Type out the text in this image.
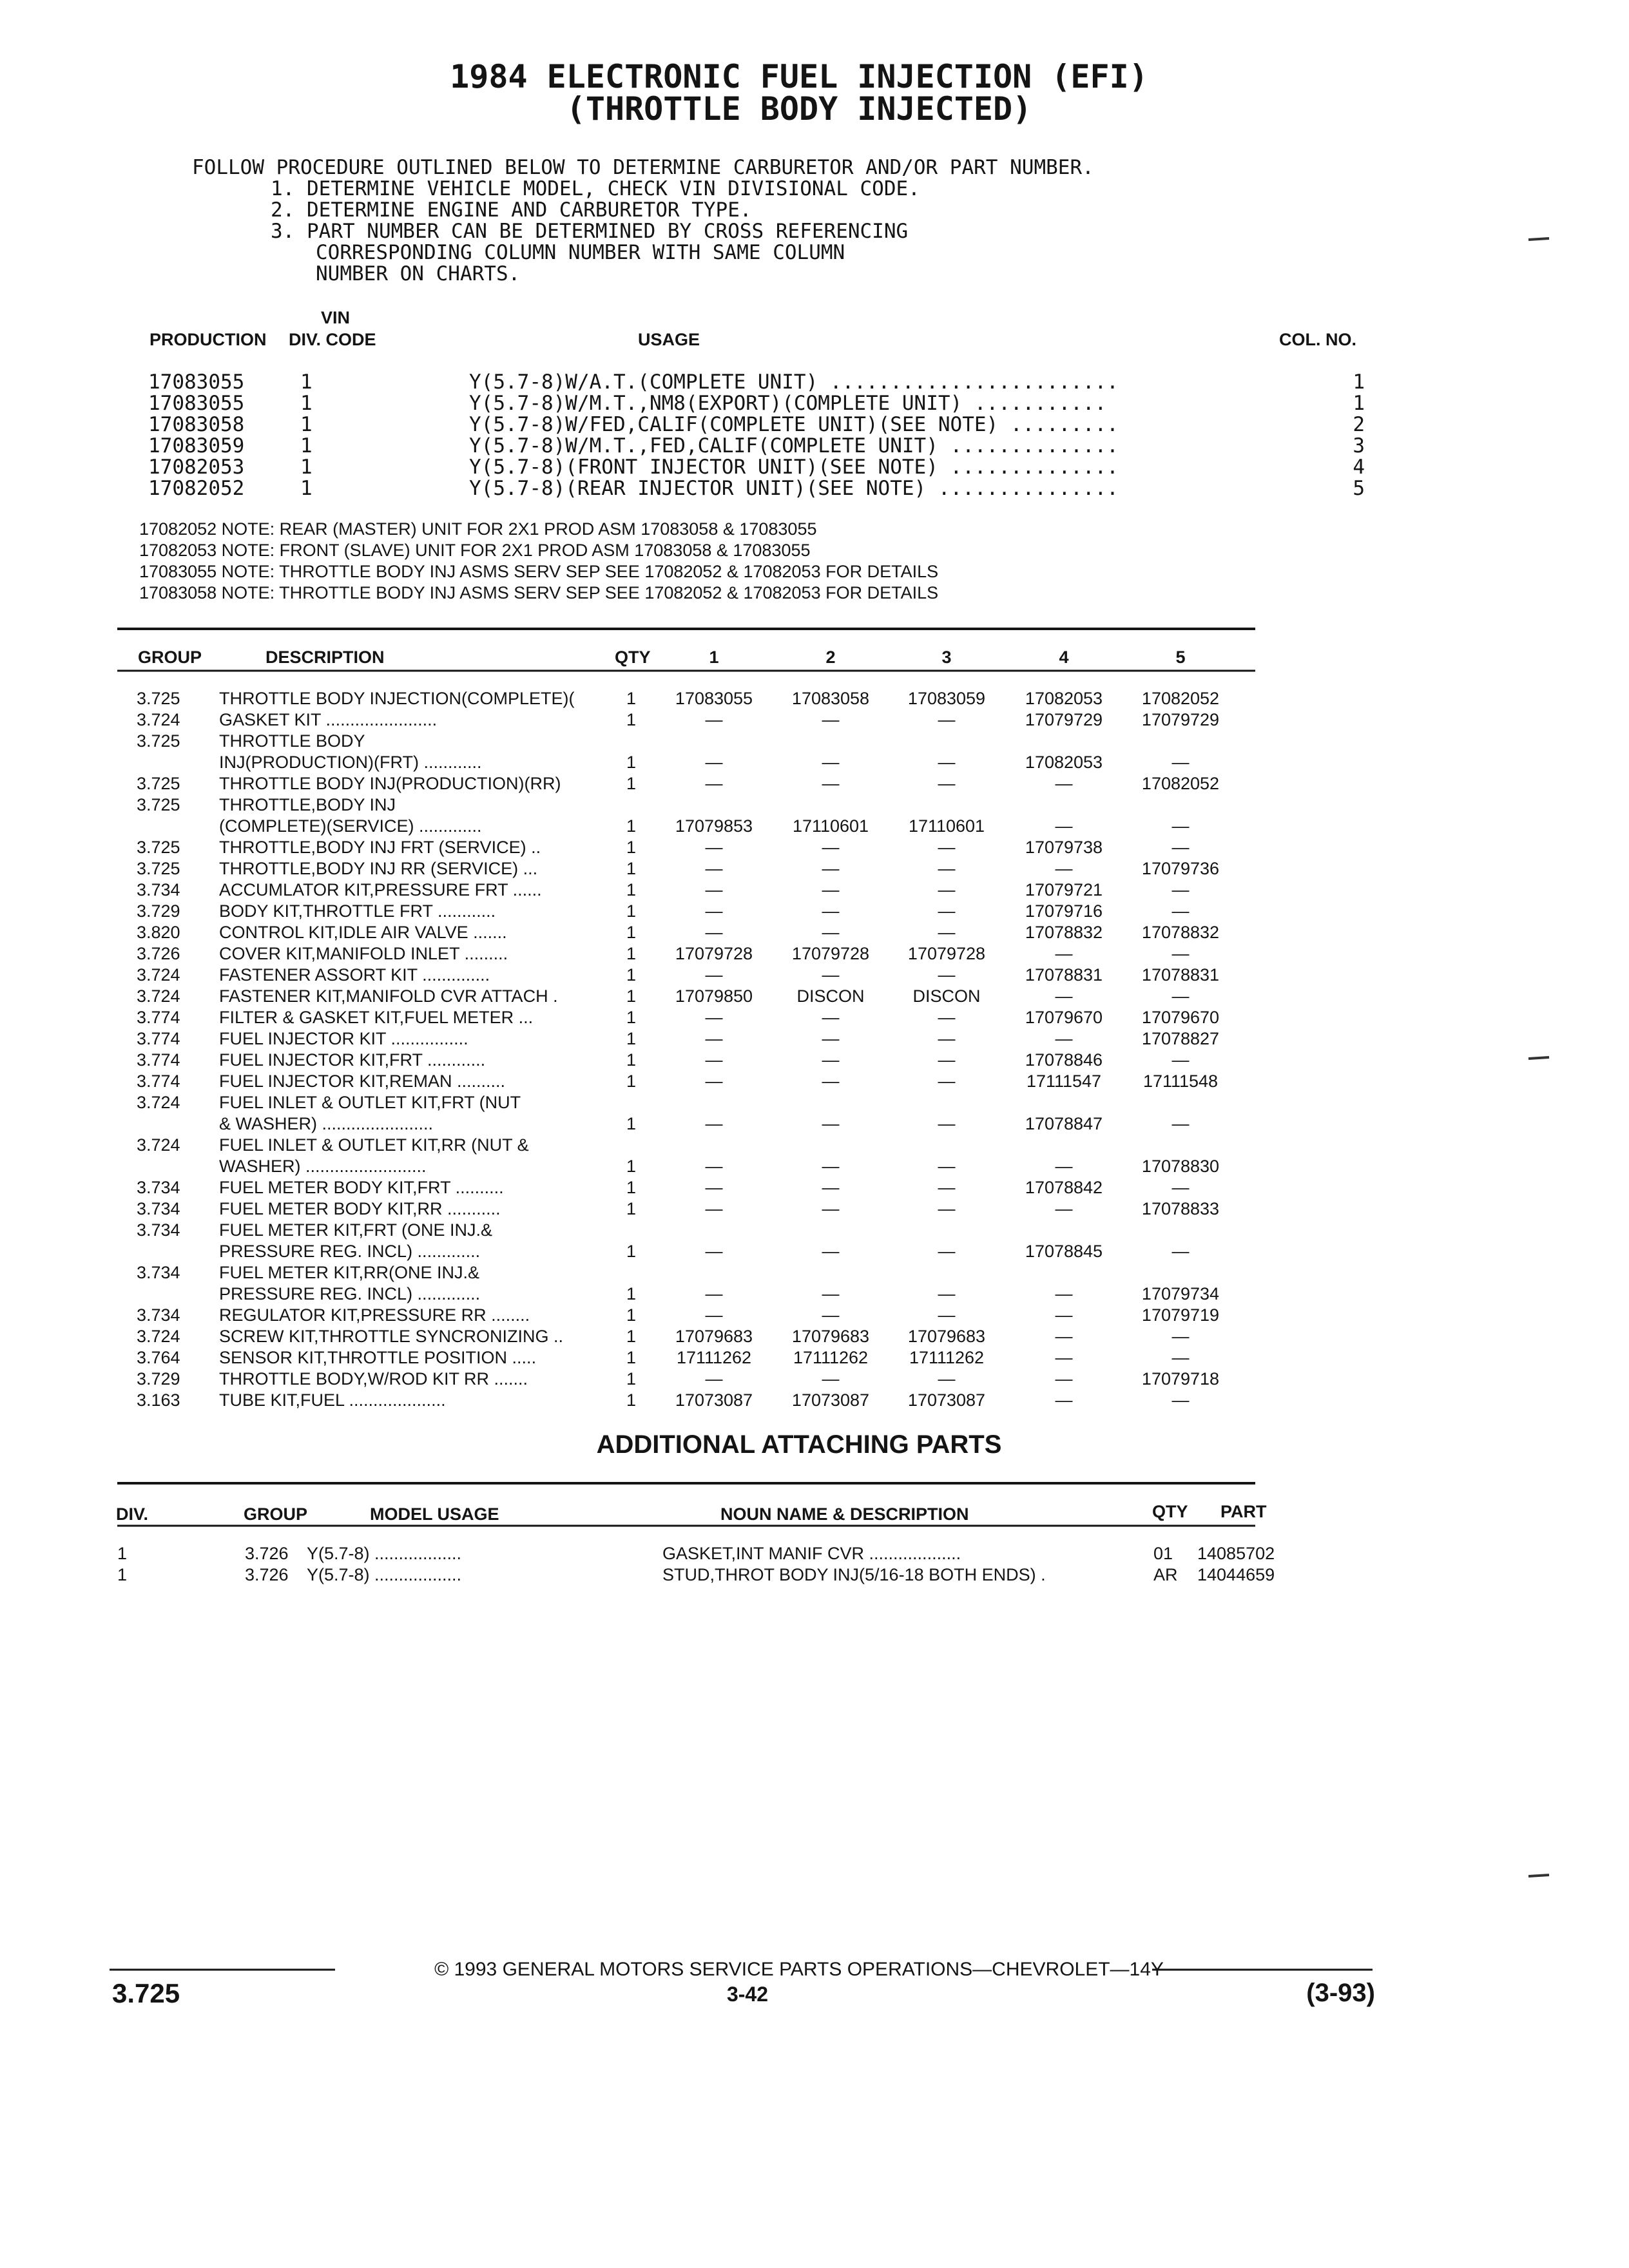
1984 ELECTRONIC FUEL INJECTION (EFI)
(THROTTLE BODY INJECTED)
FOLLOW PROCEDURE OUTLINED BELOW TO DETERMINE CARBURETOR AND/OR PART NUMBER.
1. DETERMINE VEHICLE MODEL, CHECK VIN DIVISIONAL CODE.
2. DETERMINE ENGINE AND CARBURETOR TYPE.
3. PART NUMBER CAN BE DETERMINED BY CROSS REFERENCING
CORRESPONDING COLUMN NUMBER WITH SAME COLUMN
NUMBER ON CHARTS.
VIN
PRODUCTION DIV. CODE	USAGE	COL. NO.
17083055	1	Y(5.7-8)W/A.T.(COMPLETE UNIT) ........................	1
17083055	1	Y(5.7-8)W/M.T.,NM8(EXPORT)(COMPLETE UNIT) ...........	1
17083058	1	Y(5.7-8)W/FED,CALIF(COMPLETE UNIT)(SEE NOTE) .........	2
17083059	1	Y(5.7-8)W/M.T.,FED,CALIF(COMPLETE UNIT) ..............	3
17082053	1	Y(5.7-8)(FRONT INJECTOR UNIT)(SEE NOTE) ..............	4
17082052	1	Y(5.7-8)(REAR INJECTOR UNIT)(SEE NOTE) ...............	5
17082052 NOTE: REAR (MASTER) UNIT FOR 2X1 PROD ASM 17083058 & 17083055
17082053 NOTE: FRONT (SLAVE) UNIT FOR 2X1 PROD ASM 17083058 & 17083055
17083055 NOTE: THROTTLE BODY INJ ASMS SERV SEP SEE 17082052 & 17082053 FOR DETAILS
17083058 NOTE: THROTTLE BODY INJ ASMS SERV SEP SEE 17082052 & 17082053 FOR DETAILS
GROUP	DESCRIPTION	QTY	1	2	3	4	5
3.725 THROTTLE BODY INJECTION(COMPLETE)(	1 17083055 17083058 17083059 17082053 17082052
3.724 GASKET KIT .......................	1	—	—	—	17079729 17079729
3.725 THROTTLE BODY
INJ(PRODUCTION)(FRT) ............	1	—	—	—	17082053	—
3.725 THROTTLE BODY INJ(PRODUCTION)(RR)	1	—	—	—	—	17082052
3.725 THROTTLE,BODY INJ
(COMPLETE)(SERVICE) .............	1 17079853 17110601 17110601	—	—
3.725 THROTTLE,BODY INJ FRT (SERVICE) ..	1	—	—	—	17079738	—
3.725 THROTTLE,BODY INJ RR (SERVICE) ...	1	—	—	—	—	17079736
3.734 ACCUMLATOR KIT,PRESSURE FRT ......	1	—	—	—	17079721	—
3.729 BODY KIT,THROTTLE FRT ............	1	—	—	—	17079716	—
3.820 CONTROL KIT,IDLE AIR VALVE .......	1	—	—	—	17078832 17078832
3.726 COVER KIT,MANIFOLD INLET .........	1 17079728 17079728 17079728	—	—
3.724 FASTENER ASSORT KIT ..............	1	—	—	—	17078831 17078831
3.724 FASTENER KIT,MANIFOLD CVR ATTACH .	1 17079850	DISCON	DISCON	—	—
3.774 FILTER & GASKET KIT,FUEL METER ...	1	—	—	—	17079670 17079670
3.774 FUEL INJECTOR KIT ................	1	—	—	—	—	17078827
3.774 FUEL INJECTOR KIT,FRT ............	1	—	—	—	17078846	—
3.774 FUEL INJECTOR KIT,REMAN ..........	1	—	—	—	17111547 17111548
3.724 FUEL INLET & OUTLET KIT,FRT (NUT
& WASHER) .......................	1	—	—	—	17078847	—
3.724 FUEL INLET & OUTLET KIT,RR (NUT &
WASHER) .........................	1	—	—	—	—	17078830
3.734 FUEL METER BODY KIT,FRT ..........	1	—	—	—	17078842	—
3.734 FUEL METER BODY KIT,RR ...........	1	—	—	—	—	17078833
3.734 FUEL METER KIT,FRT (ONE INJ.&
PRESSURE REG. INCL) .............	1	—	—	—	17078845	—
3.734 FUEL METER KIT,RR(ONE INJ.&
PRESSURE REG. INCL) .............	1	—	—	—	—	17079734
3.734 REGULATOR KIT,PRESSURE RR ........	1	—	—	—	—	17079719
3.724 SCREW KIT,THROTTLE SYNCRONIZING ..	1 17079683 17079683 17079683	—	—
3.764 SENSOR KIT,THROTTLE POSITION .....	1 17111262 17111262 17111262	—	—
3.729 THROTTLE BODY,W/ROD KIT RR .......	1	—	—	—	—	17079718
3.163 TUBE KIT,FUEL ....................	1 17073087 17073087 17073087	—	—
ADDITIONAL ATTACHING PARTS
DIV.	GROUP	MODEL USAGE	NOUN NAME & DESCRIPTION	QTY PART
1	3.726 Y(5.7-8) ..................	GASKET,INT MANIF CVR ...................	01 14085702
1	3.726 Y(5.7-8) ..................	STUD,THROT BODY INJ(5/16-18 BOTH ENDS) .	AR 14044659
© 1993 GENERAL MOTORS SERVICE PARTS OPERATIONS—CHEVROLET—14Y
3.725	3-42	(3-93)
